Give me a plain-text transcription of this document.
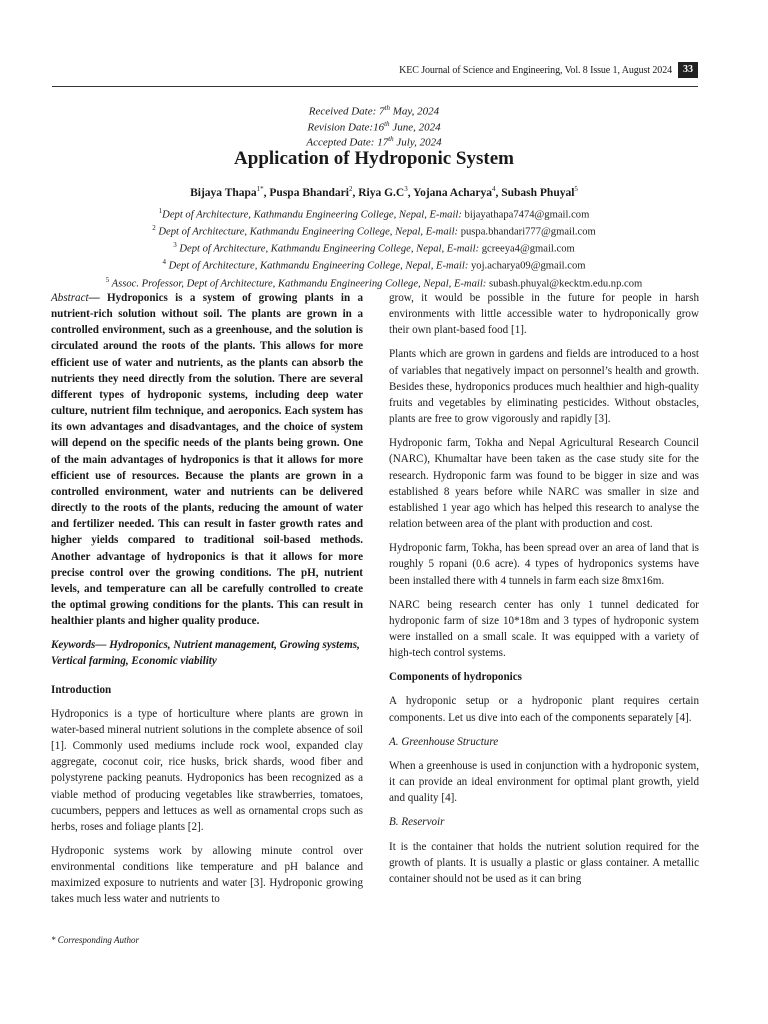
KEC Journal of Science and Engineering, Vol. 8 Issue 1, August 2024	33
Received Date: 7th May, 2024
Revision Date:16th June, 2024
Accepted Date: 17th July, 2024
Application of Hydroponic System
Bijaya Thapa$^{1*}$, Puspa Bhandari$^2$, Riya $G.C^3$, Yojana Acharya$^4$, Subash Phuyal$^5$
$^1$Dept of Architecture, Kathmandu Engineering College, Nepal, E-mail: bijayathapa7474@gmail.com
$^2$ Dept of Architecture, Kathmandu Engineering College, Nepal, E-mail: puspa.bhandari777@gmail.com
$^3$ Dept of Architecture, Kathmandu Engineering College, Nepal, E-mail: gcreeya4@gmail.com
$^4$ Dept of Architecture, Kathmandu Engineering College, Nepal, E-mail: yoj.acharya09@gmail.com
$^5$ Assoc. Professor, Dept of Architecture, Kathmandu Engineering College, Nepal, E-mail: subash.phuyal@kecktm.edu.np.com

Abstract— Hydroponics is a system of growing plants in a nutrient-rich solution without soil. The plants are grown in a controlled environment, such as a greenhouse, and the solution is circulated around the roots of the plants. This allows for more efficient use of water and nutrients, as the plants can absorb the nutrients they need directly from the solution. There are several different types of hydroponic systems, including deep water culture, nutrient film technique, and aeroponics. Each system has its own advantages and disadvantages, and the choice of system will depend on the specific needs of the plants being grown. One of the main advantages of hydroponics is that it allows for more efficient use of resources. Because the plants are grown in a controlled environment, water and nutrients can be delivered directly to the roots of the plants, reducing the amount of water and fertilizer needed. This can result in faster growth rates and higher yields compared to traditional soil-based methods. Another advantage of hydroponics is that it allows for more precise control over the growing conditions. The pH, nutrient levels, and temperature can all be carefully controlled to create the optimal growing conditions for the plants. This can result in healthier plants and higher quality produce.

Keywords— Hydroponics, Nutrient management, Growing systems, Vertical farming, Economic viability

Introduction

Hydroponics is a type of horticulture where plants are grown in water-based mineral nutrient solutions in the complete absence of soil [1]. Commonly used mediums include rock wool, expanded clay aggregate, coconut coir, rice husks, brick shards, wood fiber and polystyrene packing peanuts. Hydroponics has been recognized as a viable method of producing vegetables like strawberries, tomatoes, cucumbers, peppers and lettuces as well as ornamental crops such as herbs, roses and foliage plants [2].

Hydroponic systems work by allowing minute control over environmental conditions like temperature and pH balance and maximized exposure to nutrients and water [3]. Hydroponic growing takes much less water and nutrients to

grow, it would be possible in the future for people in harsh environments with little accessible water to hydroponically grow their own plant-based food [1].

Plants which are grown in gardens and fields are introduced to a host of variables that negatively impact on personnel’s health and growth. Besides these, hydroponics produces much healthier and high-quality fruits and vegetables by eliminating pesticides. Without obstacles, plants are free to grow vigorously and rapidly [3].

Hydroponic farm, Tokha and Nepal Agricultural Research Council (NARC), Khumaltar have been taken as the case study site for the research. Hydroponic farm was found to be bigger in size and was established 8 years before while NARC was smaller in size and established 1 year ago which has helped this research to analyse the relation between area of the plant with production and cost.

Hydroponic farm, Tokha, has been spread over an area of land that is roughly 5 ropani (0.6 acre). 4 types of hydroponics systems have been installed there with 4 tunnels in farm each size 8mx16m.

NARC being research center has only 1 tunnel dedicated for hydroponic farm of size 10*18m and 3 types of hydroponic system were installed on a small scale. It was equipped with a variety of high-tech control systems.

Components of hydroponics

A hydroponic setup or a hydroponic plant requires certain components. Let us dive into each of the components separately [4].

A. Greenhouse Structure

When a greenhouse is used in conjunction with a hydroponic system, it can provide an ideal environment for optimal plant growth, yield and quality [4].

B. Reservoir

It is the container that holds the nutrient solution required for the growth of plants. It is usually a plastic or glass container. A metallic container should not be used as it can bring

* Corresponding Author
